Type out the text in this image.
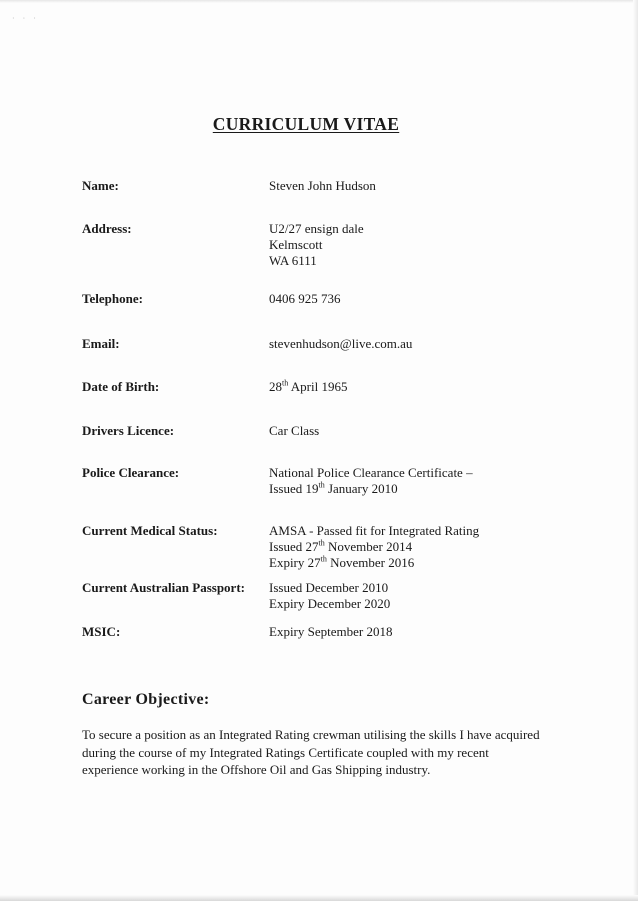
· ‧ ·
CURRICULUM VITAE
Name:	Steven John Hudson
Address:	U2/27 ensign dale
Kelmscott
WA 6111
Telephone:	0406 925 736
Email:	stevenhudson@live.com.au
Date of Birth:	28th April 1965
Drivers Licence:	Car Class
Police Clearance:	National Police Clearance Certificate –
Issued 19th January 2010
Current Medical Status:	AMSA - Passed fit for Integrated Rating
Issued 27th November 2014
Expiry 27th November 2016
Current Australian Passport:	Issued December 2010
Expiry December 2020
MSIC:	Expiry September 2018
Career Objective:
To secure a position as an Integrated Rating crewman utilising the skills I have acquired during the course of my Integrated Ratings Certificate coupled with my recent experience working in the Offshore Oil and Gas Shipping industry.
